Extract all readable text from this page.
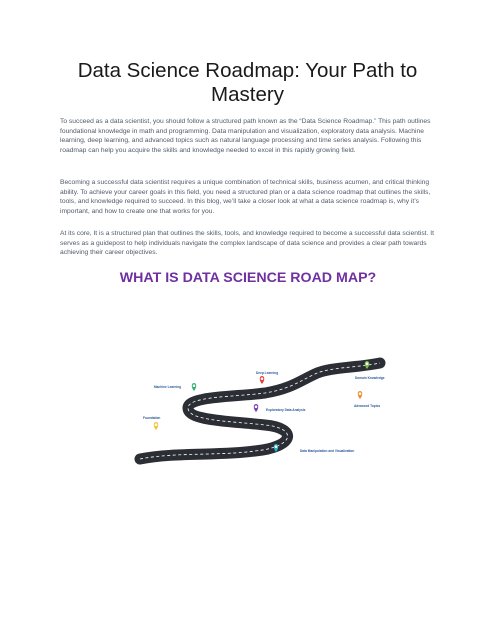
Data Science Roadmap: Your Path to Mastery

To succeed as a data scientist, you should follow a structured path known as the “Data Science Roadmap.” This path outlines foundational knowledge in math and programming. Data manipulation and visualization, exploratory data analysis. Machine learning, deep learning, and advanced topics such as natural language processing and time series analysis. Following this roadmap can help you acquire the skills and knowledge needed to excel in this rapidly growing field.

Becoming a successful data scientist requires a unique combination of technical skills, business acumen, and critical thinking ability. To achieve your career goals in this field, you need a structured plan or a data science roadmap that outlines the skills, tools, and knowledge required to succeed. In this blog, we’ll take a closer look at what a data science roadmap is, why it’s important, and how to create one that works for you.

At its core, It is a structured plan that outlines the skills, tools, and knowledge required to become a successful data scientist. It serves as a guidepost to help individuals navigate the complex landscape of data science and provides a clear path towards achieving their career objectives.

WHAT IS DATA SCIENCE ROAD MAP?
Foundation
Machine Learning
Exploratory Data Analysis
Data Manipulation and Visualization
Deep Learning
Advanced Topics
Domain Knowledge
